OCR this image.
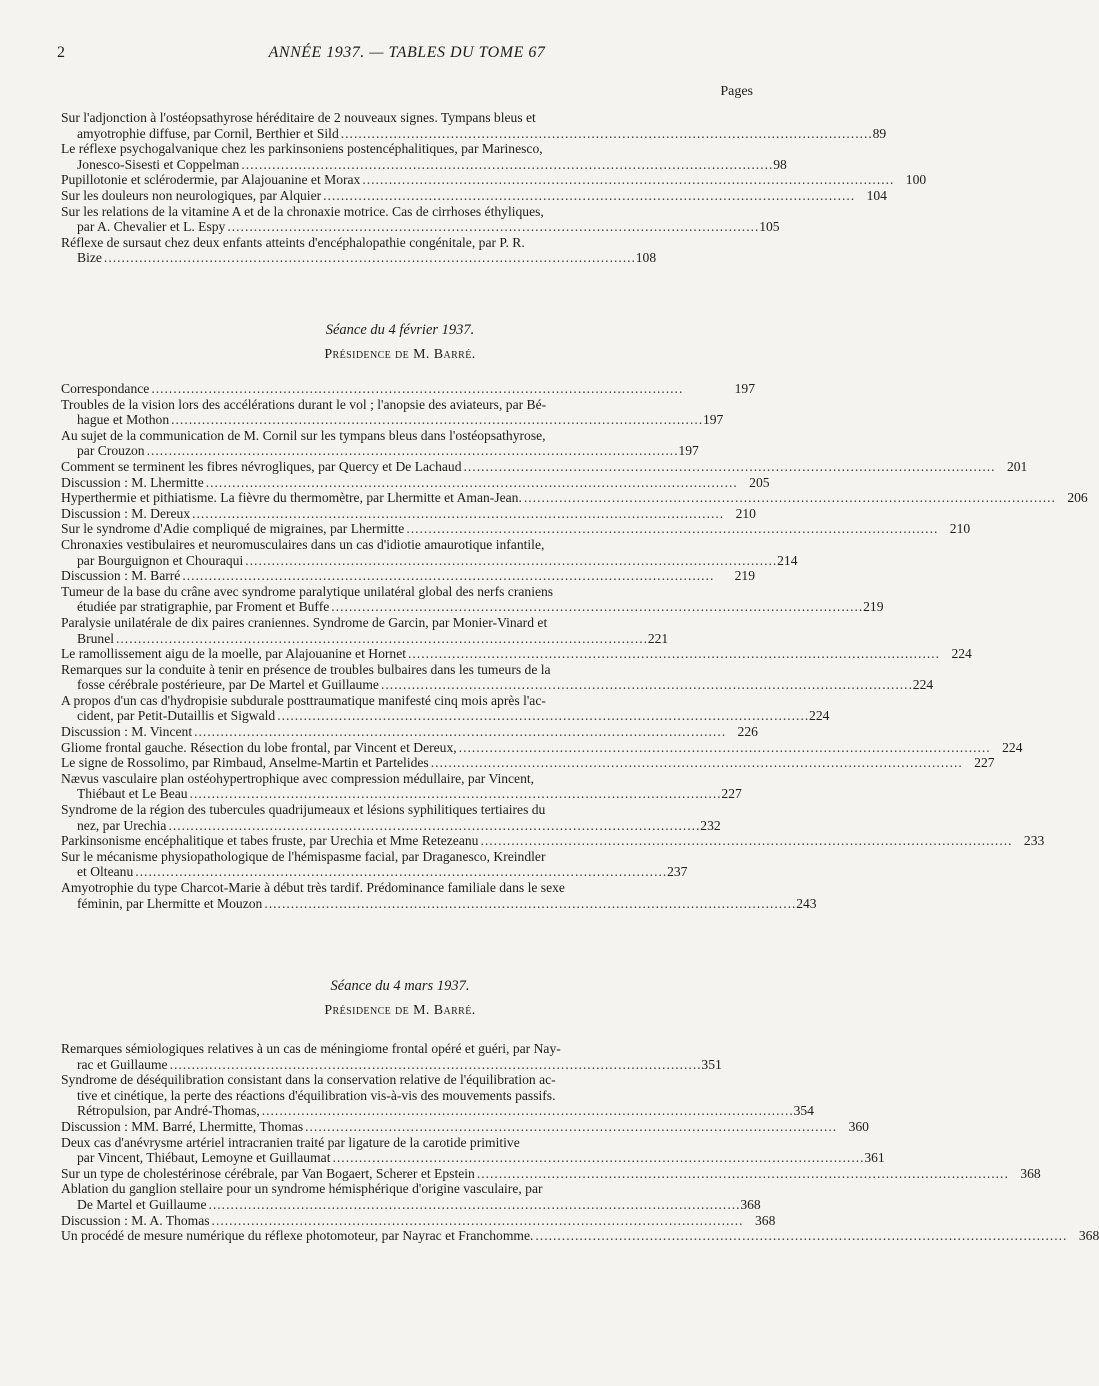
2	ANNÉE 1937. — TABLES DU TOME 67
Pages
Sur l'adjonction à l'ostéopsathyrose héréditaire de 2 nouveaux signes. Tympans bleus et
amyotrophie diffuse, par Cornil, Berthier et Sild . . .	89
Le réflexe psychogalvanique chez les parkinsoniens postencéphalitiques, par Marinesco,
Jonesco-Sisesti et Coppelman . . .	98
Pupillotonie et sclérodermie, par Alajouanine et Morax . . .	100
Sur les douleurs non neurologiques, par Alquier . . .	104
Sur les relations de la vitamine A et de la chronaxie motrice. Cas de cirrhoses éthyliques,
par A. Chevalier et L. Espy . . .	105
Réflexe de sursaut chez deux enfants atteints d'encéphalopathie congénitale, par P. R.
Bize . . .	108
Séance du 4 février 1937.
Présidence de M. Barré.
Correspondance . . .	197
Troubles de la vision lors des accélérations durant le vol ; l'anopsie des aviateurs, par Bé-
hague et Mothon . . .	197
Au sujet de la communication de M. Cornil sur les tympans bleus dans l'ostéopsathyrose,
par Crouzon . . .	197
Comment se terminent les fibres névrogliques, par Quercy et De Lachaud . . .	201
Discussion : M. Lhermitte . . .	205
Hyperthermie et pithiatisme. La fièvre du thermomètre, par Lhermitte et Aman-Jean. . . .	206
Discussion : M. Dereux . . .	210
Sur le syndrome d'Adie compliqué de migraines, par Lhermitte . . .	210
Chronaxies vestibulaires et neuromusculaires dans un cas d'idiotie amaurotique infantile,
par Bourguignon et Chouraqui . . .	214
Discussion : M. Barré . . .	219
Tumeur de la base du crâne avec syndrome paralytique unilatéral global des nerfs craniens
étudiée par stratigraphie, par Froment et Buffe . . .	219
Paralysie unilatérale de dix paires craniennes. Syndrome de Garcin, par Monier-Vinard et
Brunel . . .	221
Le ramollissement aigu de la moelle, par Alajouanine et Hornet . . .	224
Remarques sur la conduite à tenir en présence de troubles bulbaires dans les tumeurs de la
fosse cérébrale postérieure, par De Martel et Guillaume . . .	224
A propos d'un cas d'hydropisie subdurale posttraumatique manifesté cinq mois après l'ac-
cident, par Petit-Dutaillis et Sigwald . . .	224
Discussion : M. Vincent . . .	226
Gliome frontal gauche. Résection du lobe frontal, par Vincent et Dereux, . . .	224
Le signe de Rossolimo, par Rimbaud, Anselme-Martin et Partelides . . .	227
Nævus vasculaire plan ostéohypertrophique avec compression médullaire, par Vincent,
Thiébaut et Le Beau . . .	227
Syndrome de la région des tubercules quadrijumeaux et lésions syphilitiques tertiaires du
nez, par Urechia . . .	232
Parkinsonisme encéphalitique et tabes fruste, par Urechia et Mme Retezeanu . . .	233
Sur le mécanisme physiopathologique de l'hémispasme facial, par Draganesco, Kreindler
et Olteanu . . .	237
Amyotrophie du type Charcot-Marie à début très tardif. Prédominance familiale dans le sexe
féminin, par Lhermitte et Mouzon . . .	243
Séance du 4 mars 1937.
Présidence de M. Barré.
Remarques sémiologiques relatives à un cas de méningiome frontal opéré et guéri, par Nay-
rac et Guillaume . . .	351
Syndrome de déséquilibration consistant dans la conservation relative de l'équilibration ac-
tive et cinétique, la perte des réactions d'équilibration vis-à-vis des mouvements passifs.
Rétropulsion, par André-Thomas, . . .	354
Discussion : MM. Barré, Lhermitte, Thomas . . .	360
Deux cas d'anévrysme artériel intracranien traité par ligature de la carotide primitive
par Vincent, Thiébaut, Lemoyne et Guillaumat . . .	361
Sur un type de cholestérinose cérébrale, par Van Bogaert, Scherer et Epstein . . .	368
Ablation du ganglion stellaire pour un syndrome hémisphérique d'origine vasculaire, par
De Martel et Guillaume . . .	368
Discussion : M. A. Thomas . . .	368
Un procédé de mesure numérique du réflexe photomoteur, par Nayrac et Franchomme. . . .	368
